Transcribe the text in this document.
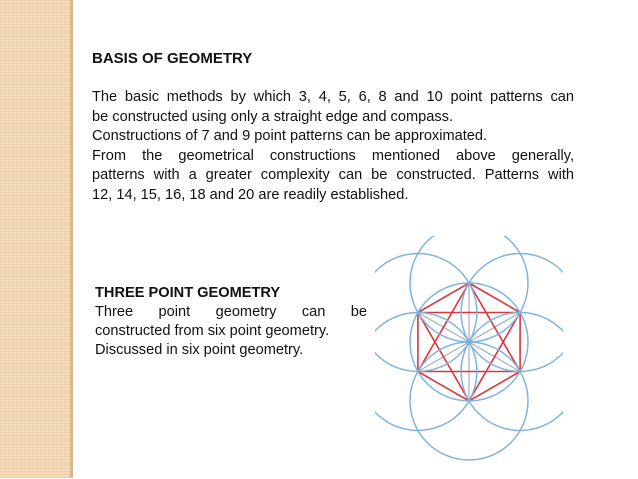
BASIS OF GEOMETRY
The basic methods by which 3, 4, 5, 6, 8 and 10 point patterns can
be constructed using only a straight edge and compass.
Constructions of 7 and 9 point patterns can be approximated.
From the geometrical constructions mentioned above generally,
patterns with a greater complexity can be constructed. Patterns with
12, 14, 15, 16, 18 and 20 are readily established.
THREE POINT GEOMETRY
Three point geometry can be
constructed from six point geometry.
Discussed in six point geometry.
